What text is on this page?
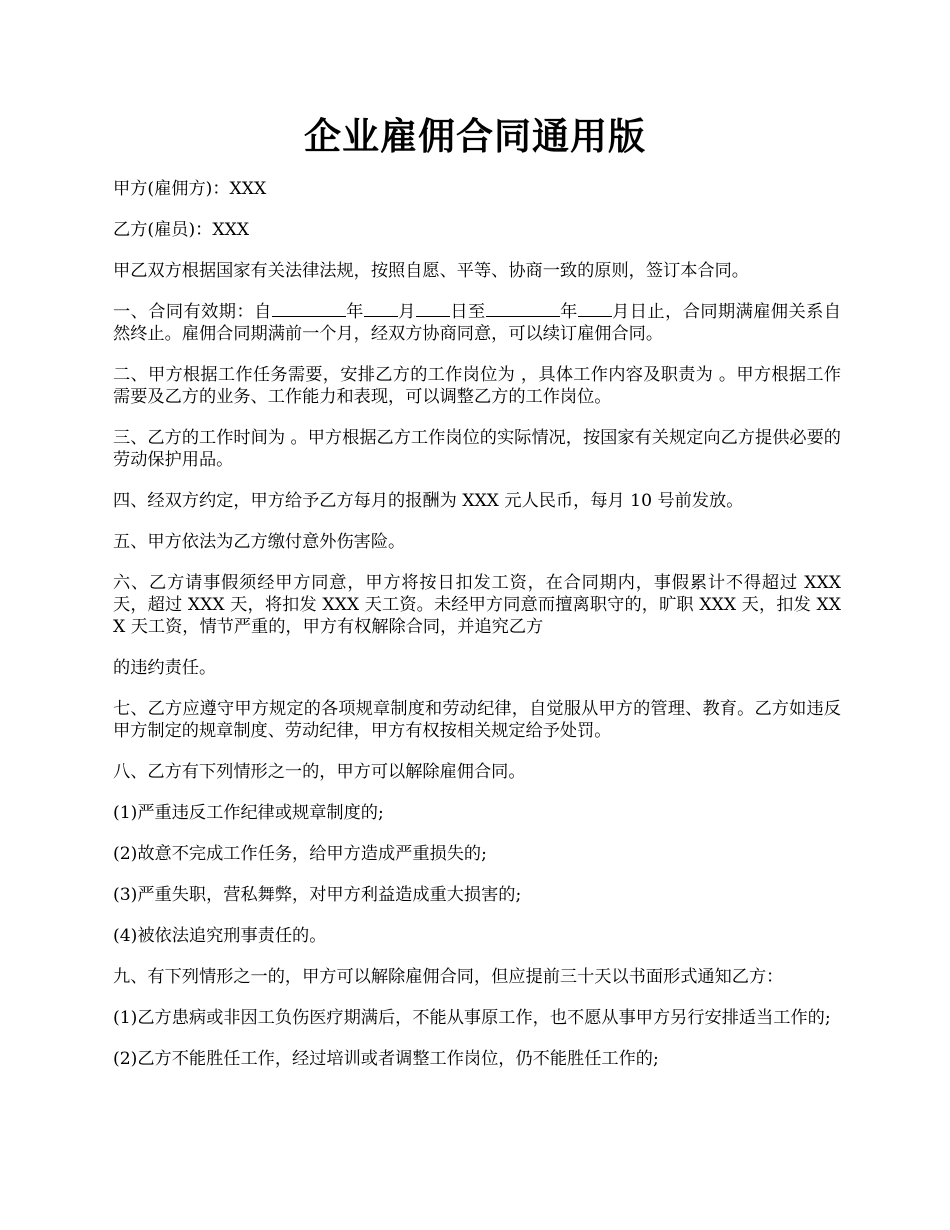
企业雇佣合同通用版

甲方(雇佣方)：XXX

乙方(雇员)：XXX

甲乙双方根据国家有关法律法规，按照自愿、平等、协商一致的原则，签订本合同。

一、合同有效期：自	年 月 日至	年 月日止，合同期满雇佣关系自然终止。雇佣合同期满前一个月，经双方协商同意，可以续订雇佣合同。

二、甲方根据工作任务需要，安排乙方的工作岗位为 ，具体工作内容及职责为 。甲方根据工作需要及乙方的业务、工作能力和表现，可以调整乙方的工作岗位。

三、乙方的工作时间为 。甲方根据乙方工作岗位的实际情况，按国家有关规定向乙方提供必要的劳动保护用品。

四、经双方约定，甲方给予乙方每月的报酬为 XXX 元人民币，每月 10 号前发放。

五、甲方依法为乙方缴付意外伤害险。

六、乙方请事假须经甲方同意，甲方将按日扣发工资，在合同期内，事假累计不得超过 XXX 天，超过 XXX 天，将扣发 XXX 天工资。未经甲方同意而擅离职守的，旷职 XXX 天，扣发 XXX 天工资，情节严重的，甲方有权解除合同，并追究乙方

的违约责任。

七、乙方应遵守甲方规定的各项规章制度和劳动纪律，自觉服从甲方的管理、教育。乙方如违反甲方制定的规章制度、劳动纪律，甲方有权按相关规定给予处罚。

八、乙方有下列情形之一的，甲方可以解除雇佣合同。

(1)严重违反工作纪律或规章制度的;

(2)故意不完成工作任务，给甲方造成严重损失的;

(3)严重失职，营私舞弊，对甲方利益造成重大损害的;

(4)被依法追究刑事责任的。

九、有下列情形之一的，甲方可以解除雇佣合同，但应提前三十天以书面形式通知乙方：

(1)乙方患病或非因工负伤医疗期满后，不能从事原工作，也不愿从事甲方另行安排适当工作的;

(2)乙方不能胜任工作，经过培训或者调整工作岗位，仍不能胜任工作的;
